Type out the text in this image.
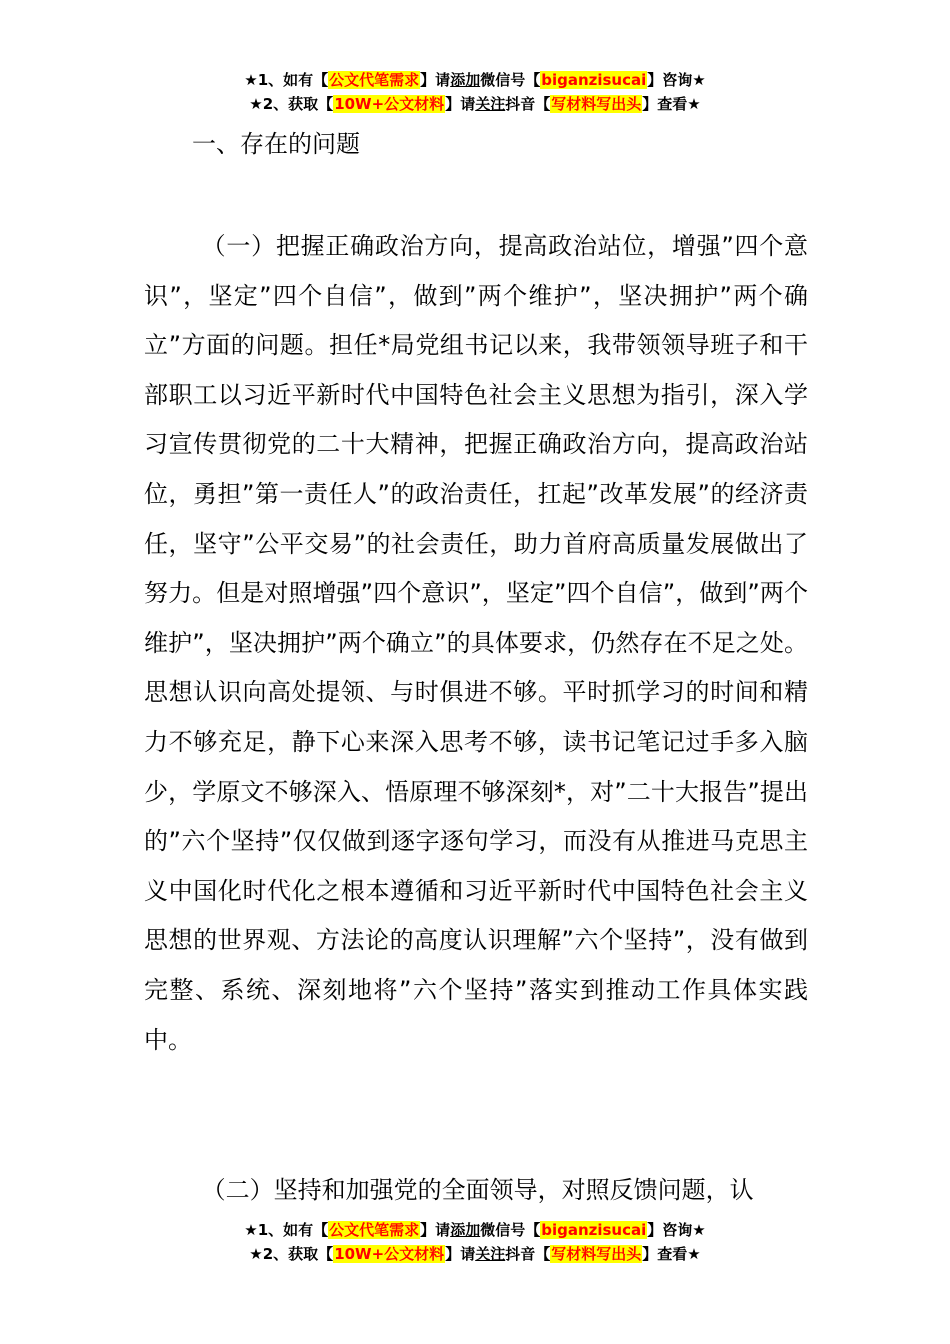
★1、如有【公文代笔需求】请添加微信号【biganzisucai】咨询★
★2、获取【10W+公文材料】请关注抖音【写材料写出头】查看★
一、存在的问题

（一）把握正确政治方向，提高政治站位，增强”四个意识”，坚定”四个自信”，做到”两个维护”，坚决拥护”两个确立”方面的问题。担任*局党组书记以来，我带领领导班子和干部职工以习近平新时代中国特色社会主义思想为指引，深入学习宣传贯彻党的二十大精神，把握正确政治方向，提高政治站位，勇担”第一责任人”的政治责任，扛起”改革发展”的经济责任，坚守”公平交易”的社会责任，助力首府高质量发展做出了努力。但是对照增强”四个意识”，坚定”四个自信”，做到”两个维护”，坚决拥护”两个确立”的具体要求，仍然存在不足之处。思想认识向高处提领、与时俱进不够。平时抓学习的时间和精力不够充足，静下心来深入思考不够，读书记笔记过手多入脑少，学原文不够深入、悟原理不够深刻*，对”二十大报告”提出的”六个坚持”仅仅做到逐字逐句学习，而没有从推进马克思主义中国化时代化之根本遵循和习近平新时代中国特色社会主义思想的世界观、方法论的高度认识理解”六个坚持”，没有做到完整、系统、深刻地将”六个坚持”落实到推动工作具体实践中。

（二）坚持和加强党的全面领导，对照反馈问题，认

★1、如有【公文代笔需求】请添加微信号【biganzisucai】咨询★
★2、获取【10W+公文材料】请关注抖音【写材料写出头】查看★
